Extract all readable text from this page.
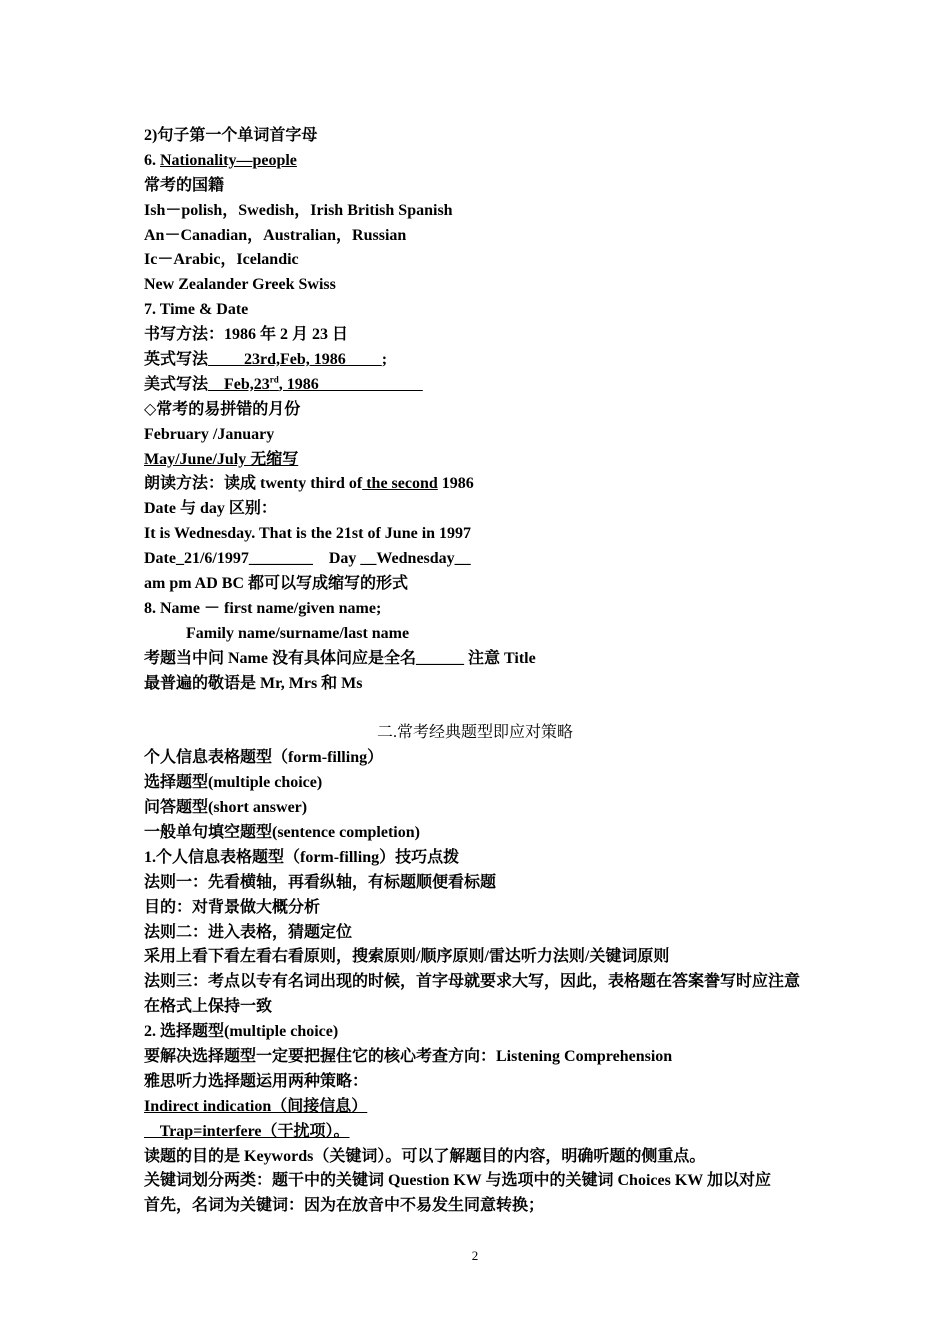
2)句子第一个单词首字母
6. Nationality—people
常考的国籍
Ish－polish，Swedish，Irish British Spanish
An－Canadian，Australian，Russian
Ic－Arabic，Icelandic
New Zealander Greek Swiss
7. Time & Date
书写方法：1986 年 2 月 23 日
英式写法         23rd,Feb, 1986         ;
美式写法    Feb,23rd, 1986
◇常考的易拼错的月份
February /January
May/June/July 无缩写
朗读方法：读成 twenty third of the second 1986
Date 与 day 区别：
It is Wednesday. That is the 21st of June in 1997
Date_21/6/1997________    Day __Wednesday__
am pm AD BC 都可以写成缩写的形式
8. Name － first name/given name;
Family name/surname/last name
考题当中问 Name 没有具体问应是全名______ 注意 Title
最普遍的敬语是 Mr, Mrs 和 Ms
二.常考经典题型即应对策略
个人信息表格题型（form-filling）
选择题型(multiple choice)
问答题型(short answer)
一般单句填空题型(sentence completion)
1.个人信息表格题型（form-filling）技巧点拨
法则一：先看横轴，再看纵轴，有标题顺便看标题
目的：对背景做大概分析
法则二：进入表格，猜题定位
采用上看下看左看右看原则，搜索原则/顺序原则/雷达听力法则/关键词原则
法则三：考点以专有名词出现的时候，首字母就要求大写，因此，表格题在答案誊写时应注意
在格式上保持一致
2. 选择题型(multiple choice)
要解决选择题型一定要把握住它的核心考查方向：Listening Comprehension
雅思听力选择题运用两种策略：
Indirect indication（间接信息）
Trap=interfere（干扰项）。
读题的目的是 Keywords（关键词）。可以了解题目的内容，明确听题的侧重点。
关键词划分两类：题干中的关键词 Question KW 与选项中的关键词 Choices KW 加以对应
首先，名词为关键词：因为在放音中不易发生同意转换；
2
